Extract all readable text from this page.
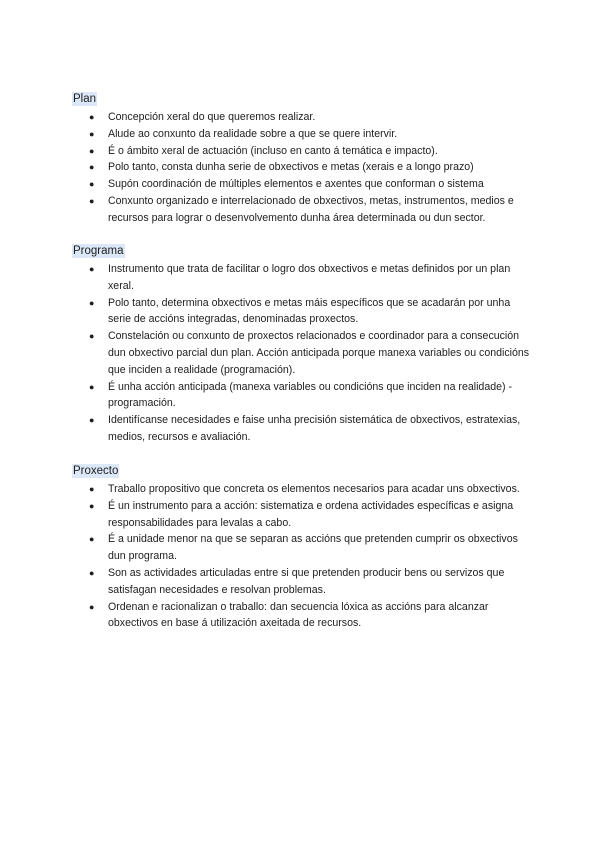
Plan
● Concepción xeral do que queremos realizar.
● Alude ao conxunto da realidade sobre a que se quere intervir.
● É o ámbito xeral de actuación (incluso en canto á temática e impacto).
● Polo tanto, consta dunha serie de obxectivos e metas (xerais e a longo prazo)
● Supón coordinación de múltiples elementos e axentes que conforman o sistema
● Conxunto organizado e interrelacionado de obxectivos, metas, instrumentos, medios e recursos para lograr o desenvolvemento dunha área determinada ou dun sector.
Programa
● Instrumento que trata de facilitar o logro dos obxectivos e metas definidos por un plan xeral.
● Polo tanto, determina obxectivos e metas máis específicos que se acadarán por unha serie de accións integradas, denominadas proxectos.
● Constelación ou conxunto de proxectos relacionados e coordinador para a consecución dun obxectivo parcial dun plan. Acción anticipada porque manexa variables ou condicións que inciden a realidade (programación).
● É unha acción anticipada (manexa variables ou condicións que inciden na realidade) - programación.
● Identifícanse necesidades e faise unha precisión sistemática de obxectivos, estratexias, medios, recursos e avaliación.
Proxecto
● Traballo propositivo que concreta os elementos necesarios para acadar uns obxectivos.
● É un instrumento para a acción: sistematiza e ordena actividades específicas e asigna responsabilidades para levalas a cabo.
● É a unidade menor na que se separan as accións que pretenden cumprir os obxectivos dun programa.
● Son as actividades articuladas entre si que pretenden producir bens ou servizos que satisfagan necesidades e resolvan problemas.
● Ordenan e racionalizan o traballo: dan secuencia lóxica as accións para alcanzar obxectivos en base á utilización axeitada de recursos.
